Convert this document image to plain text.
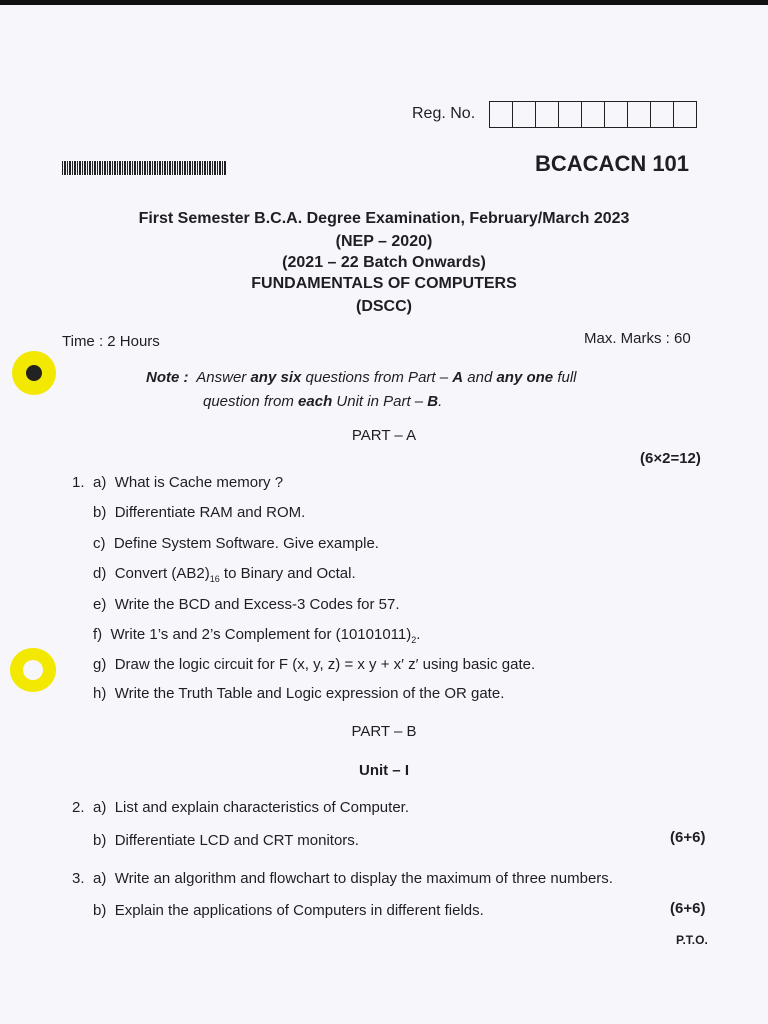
Reg. No.
BCACACN 101
First Semester B.C.A. Degree Examination, February/March 2023
(NEP – 2020)
(2021 – 22 Batch Onwards)
FUNDAMENTALS OF COMPUTERS
(DSCC)
Time : 2 Hours	Max. Marks : 60
Note : Answer any six questions from Part – A and any one full
question from each Unit in Part – B.
PART – A
(6×2=12)
1. a) What is Cache memory ?
b) Differentiate RAM and ROM.
c) Define System Software. Give example.
d) Convert $(AB2)_{16}$ to Binary and Octal.
e) Write the BCD and Excess-3 Codes for 57.
f) Write 1’s and 2’s Complement for $(10101011)_2$.
g) Draw the logic circuit for F (x, y, z) = x y + x′ z′ using basic gate.
h) Write the Truth Table and Logic expression of the OR gate.
PART – B
Unit – I
2. a) List and explain characteristics of Computer.
b) Differentiate LCD and CRT monitors.	(6+6)
3. a) Write an algorithm and flowchart to display the maximum of three numbers.
b) Explain the applications of Computers in different fields.	(6+6)
P.T.O.
